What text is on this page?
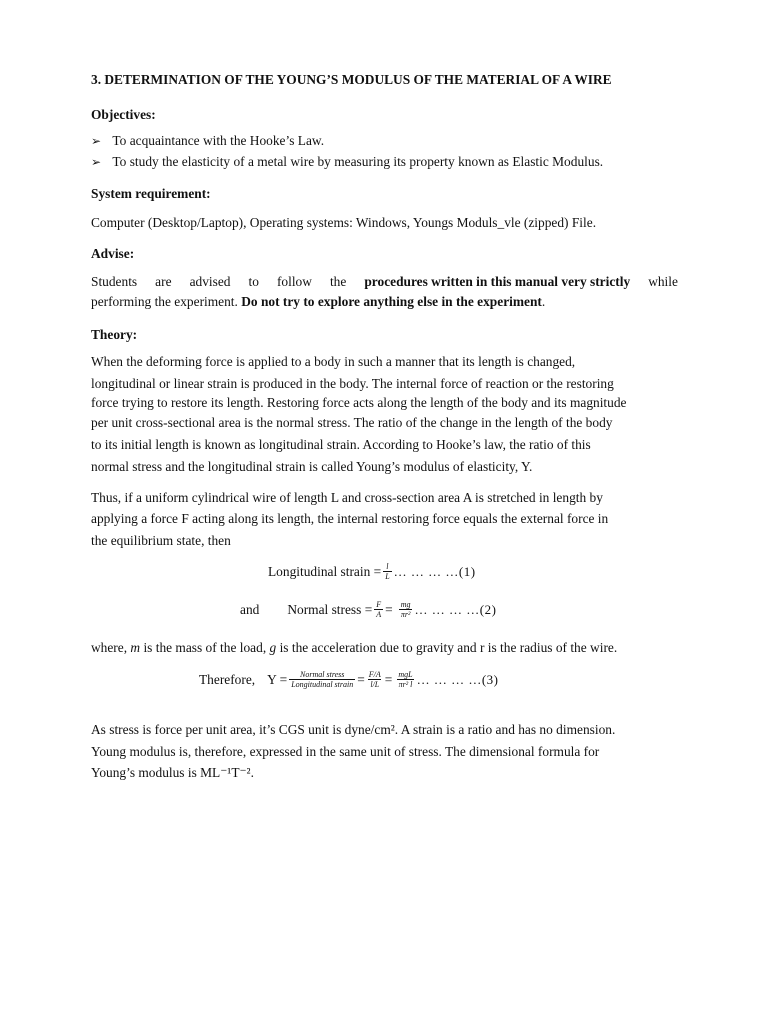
3. DETERMINATION OF THE YOUNG’S MODULUS OF THE MATERIAL OF A WIRE
Objectives:
➢ To acquaintance with the Hooke’s Law.
➢ To study the elasticity of a metal wire by measuring its property known as Elastic Modulus.
System requirement:
Computer (Desktop/Laptop), Operating systems: Windows, Youngs Moduls_vle (zipped) File.
Advise:
Students are advised to follow the procedures written in this manual very strictly while
performing the experiment. Do not try to explore anything else in the experiment.
Theory:
When the deforming force is applied to a body in such a manner that its length is changed,
longitudinal or linear strain is produced in the body. The internal force of reaction or the restoring
force trying to restore its length. Restoring force acts along the length of the body and its magnitude
per unit cross-sectional area is the normal stress. The ratio of the change in the length of the body
to its initial length is known as longitudinal strain. According to Hooke’s law, the ratio of this
normal stress and the longitudinal strain is called Young’s modulus of elasticity, Y.
Thus, if a uniform cylindrical wire of length L and cross-section area A is stretched in length by
applying a force F acting along its length, the internal restoring force equals the external force in
the equilibrium state, then
Longitudinal strain = $\frac{l}{L}$ … … … …(1)
and Normal stress = $\frac{F}{A} = \frac{mg}{\text{πr²}}$ … … … …(2)
where, m is the mass of the load, g is the acceleration due to gravity and r is the radius of the wire.
Therefore, $Y = \frac{\text{Normal stress}}{\text{Longitudinal strain}} = \frac{F/A}{l/L} = \frac{\text{mgL}}{\text{πr² l}}$ … … … …(3)
As stress is force per unit area, it’s CGS unit is dyne/cm². A strain is a ratio and has no dimension.
Young modulus is, therefore, expressed in the same unit of stress. The dimensional formula for
Young’s modulus is ML⁻¹T⁻².
